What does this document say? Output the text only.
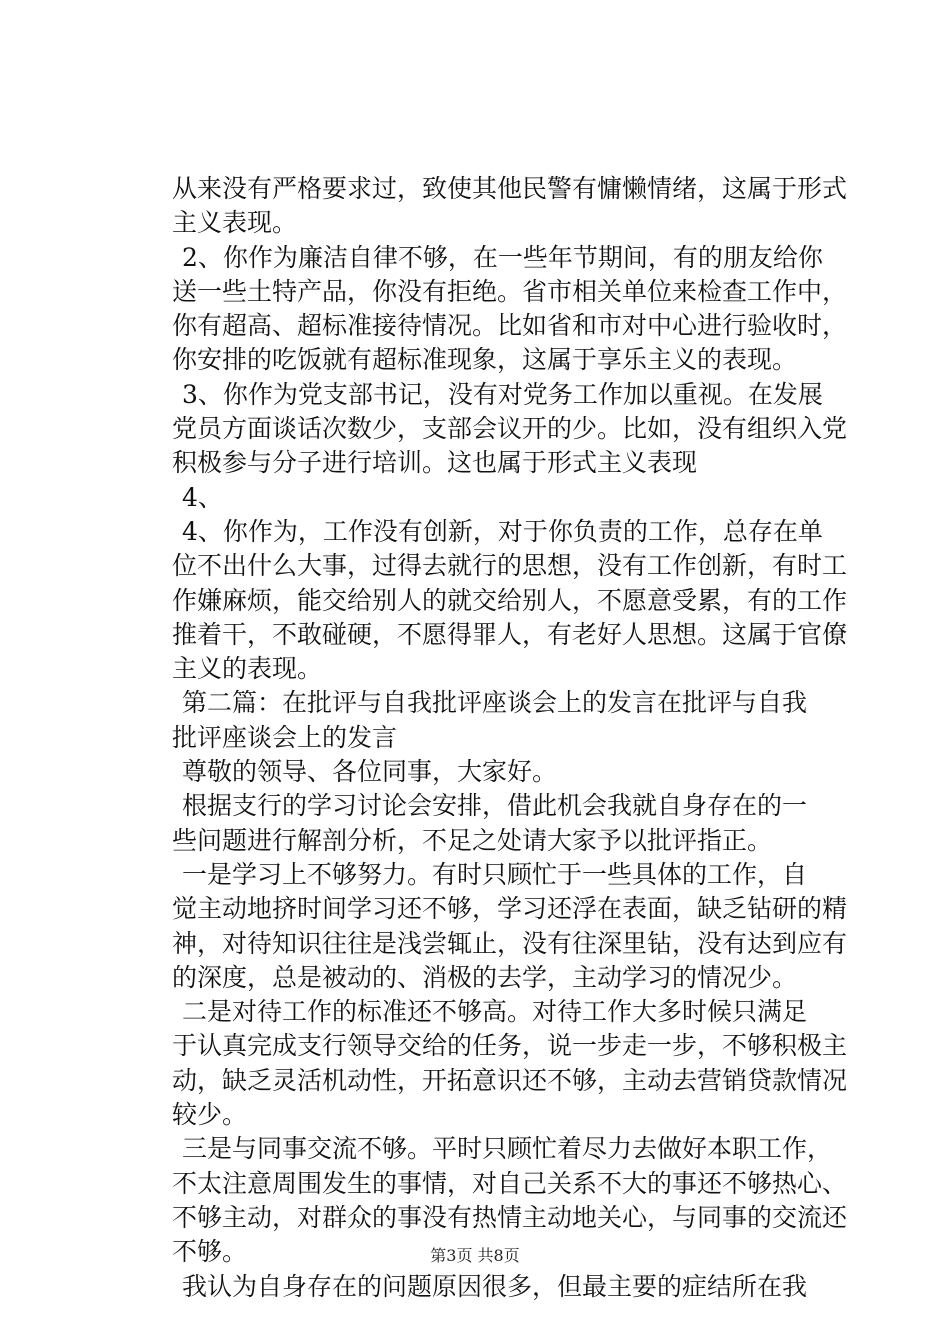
从来没有严格要求过，致使其他民警有慵懒情绪，这属于形式
主义表现。
2、你作为廉洁自律不够，在一些年节期间，有的朋友给你
送一些土特产品，你没有拒绝。省市相关单位来检查工作中，
你有超高、超标准接待情况。比如省和市对中心进行验收时，
你安排的吃饭就有超标准现象，这属于享乐主义的表现。
3、你作为党支部书记，没有对党务工作加以重视。在发展
党员方面谈话次数少，支部会议开的少。比如，没有组织入党
积极参与分子进行培训。这也属于形式主义表现
4、
4、你作为，工作没有创新，对于你负责的工作，总存在单
位不出什么大事，过得去就行的思想，没有工作创新，有时工
作嫌麻烦，能交给别人的就交给别人，不愿意受累，有的工作
推着干，不敢碰硬，不愿得罪人，有老好人思想。这属于官僚
主义的表现。
第二篇：在批评与自我批评座谈会上的发言在批评与自我
批评座谈会上的发言
尊敬的领导、各位同事，大家好。
根据支行的学习讨论会安排，借此机会我就自身存在的一
些问题进行解剖分析，不足之处请大家予以批评指正。
一是学习上不够努力。有时只顾忙于一些具体的工作，自
觉主动地挤时间学习还不够，学习还浮在表面，缺乏钻研的精
神，对待知识往往是浅尝辄止，没有往深里钻，没有达到应有
的深度，总是被动的、消极的去学，主动学习的情况少。
二是对待工作的标准还不够高。对待工作大多时候只满足
于认真完成支行领导交给的任务，说一步走一步，不够积极主
动，缺乏灵活机动性，开拓意识还不够，主动去营销贷款情况
较少。
三是与同事交流不够。平时只顾忙着尽力去做好本职工作，
不太注意周围发生的事情，对自己关系不大的事还不够热心、
不够主动，对群众的事没有热情主动地关心，与同事的交流还
不够。
我认为自身存在的问题原因很多，但最主要的症结所在我
第3页 共8页
